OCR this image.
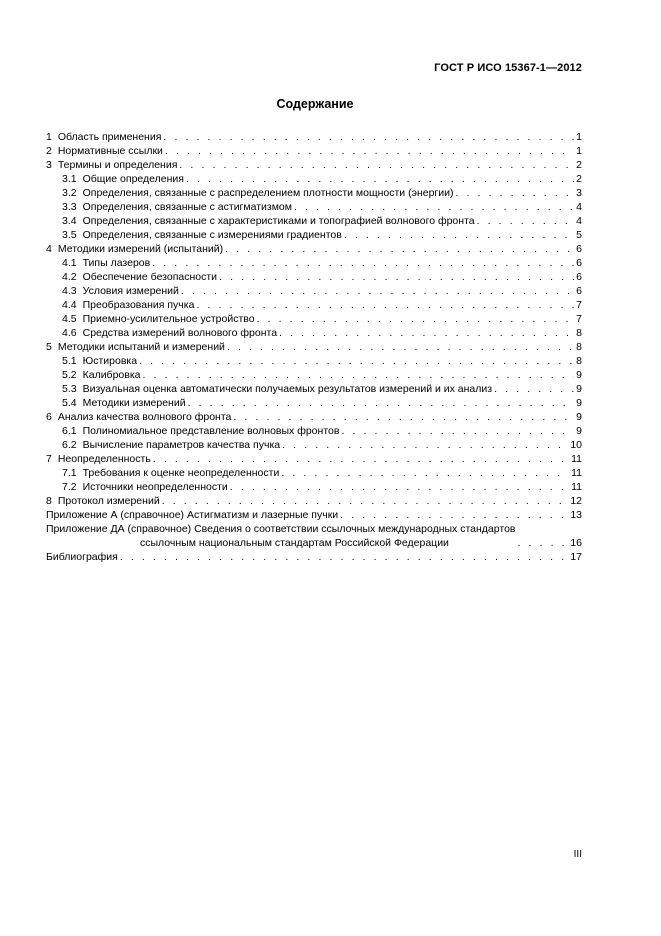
ГОСТ Р ИСО 15367-1—2012
Содержание
1 Область применения . . .	1
2 Нормативные ссылки . . .	1
3 Термины и определения . . .	2
3.1 Общие определения . . .	2
3.2 Определения, связанные с распределением плотности мощности (энергии) . . .	3
3.3 Определения, связанные с астигматизмом . . .	4
3.4 Определения, связанные с характеристиками и топографией волнового фронта . . .	4
3.5 Определения, связанные с измерениями градиентов . . .	5
4 Методики измерений (испытаний) . . .	6
4.1 Типы лазеров . . .	6
4.2 Обеспечение безопасности . . .	6
4.3 Условия измерений . . .	6
4.4 Преобразования пучка . . .	7
4.5 Приемно-усилительное устройство . . .	7
4.6 Средства измерений волнового фронта . . .	8
5 Методики испытаний и измерений . . .	8
5.1 Юстировка . . .	8
5.2 Калибровка . . .	9
5.3 Визуальная оценка автоматически получаемых результатов измерений и их анализ . . .	9
5.4 Методики измерений . . .	9
6 Анализ качества волнового фронта . . .	9
6.1 Полиномиальное представление волновых фронтов . . .	9
6.2 Вычисление параметров качества пучка . . .	10
7 Неопределенность . . .	11
7.1 Требования к оценке неопределенности . . .	11
7.2 Источники неопределенности . . .	11
8 Протокол измерений . . .	12
Приложение А (справочное) Астигматизм и лазерные пучки . . .	13
Приложение ДА (справочное) Сведения о соответствии ссылочных международных стандартов
ссылочным национальным стандартам Российской Федерации . . .	16
Библиография . . .	17
III
